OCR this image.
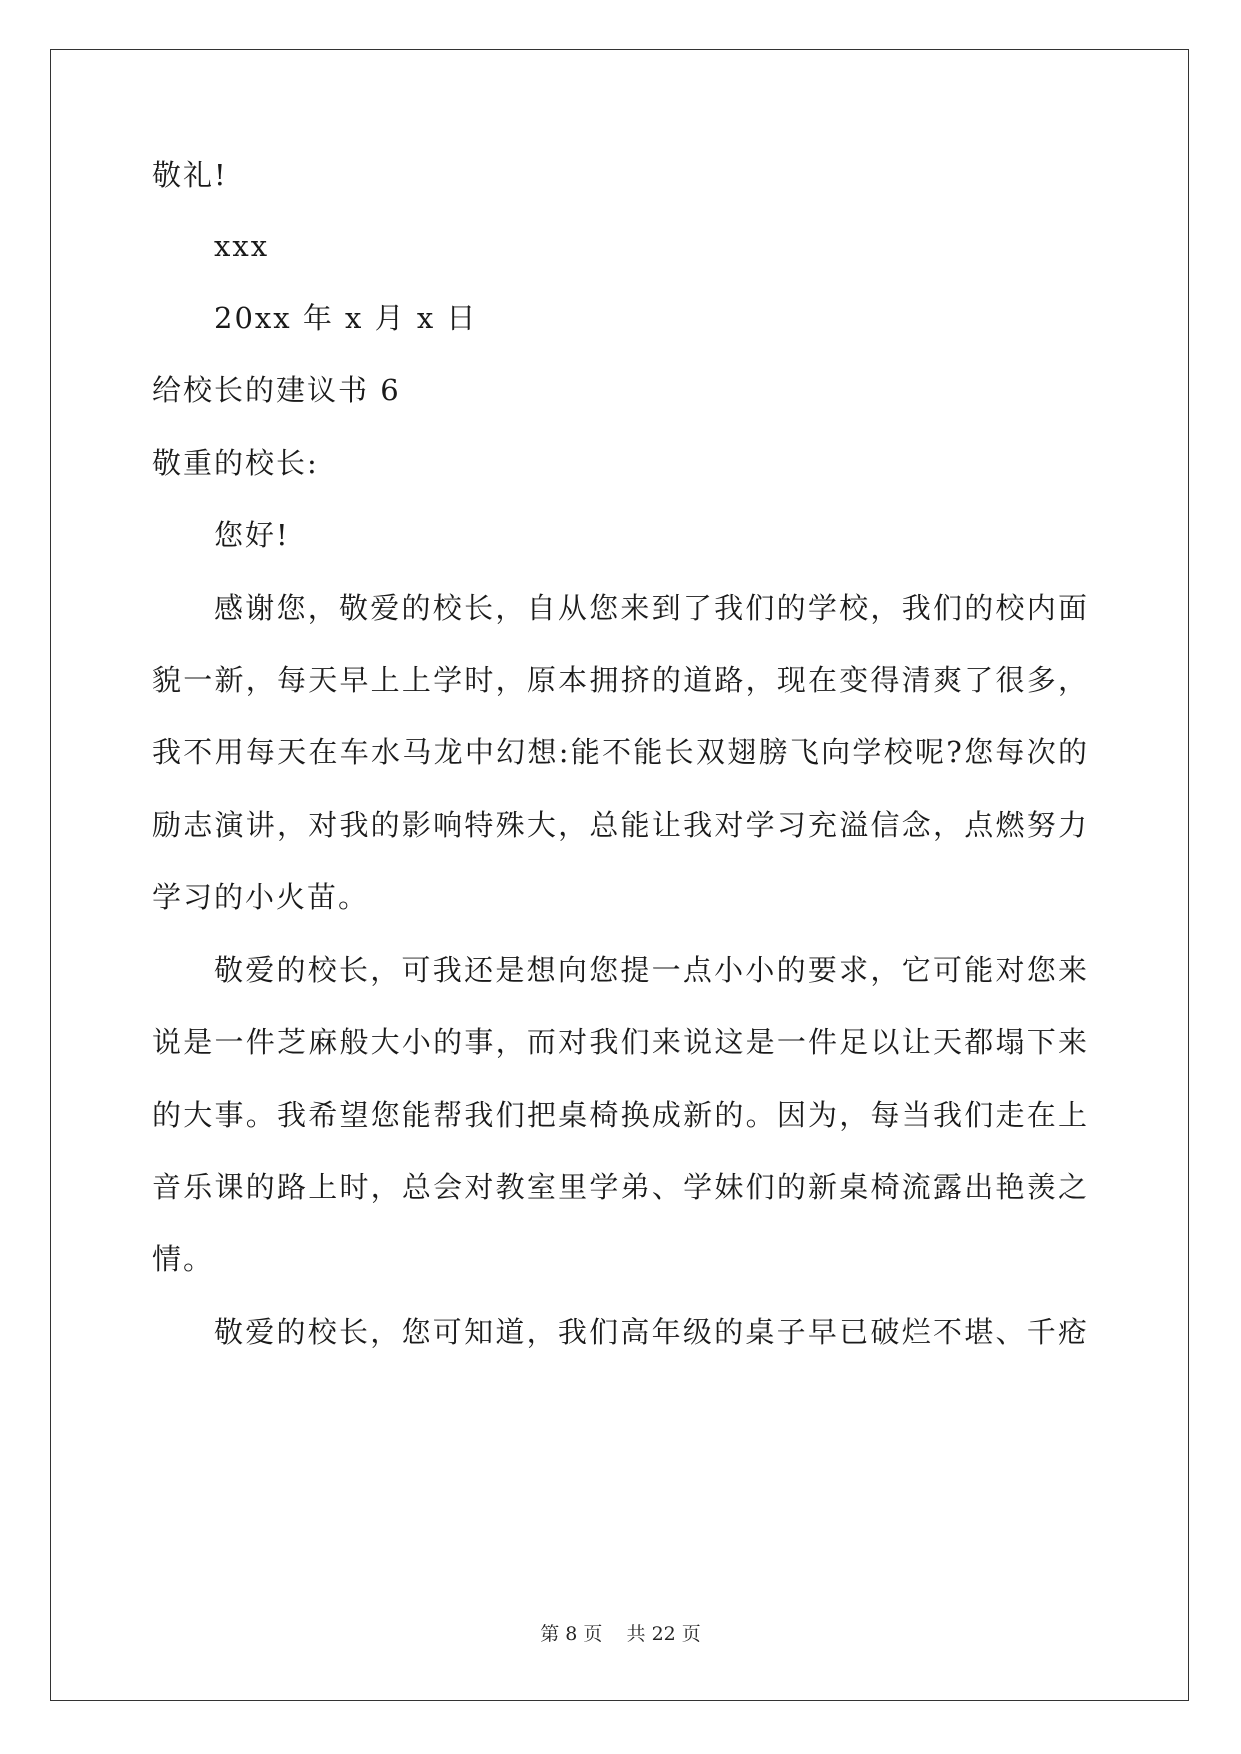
敬礼!
xxx
20xx 年 x 月 x 日
给校长的建议书 6
敬重的校长:
您好!
感谢您，敬爱的校长，自从您来到了我们的学校，我们的校内面
貌一新，每天早上上学时，原本拥挤的道路，现在变得清爽了很多，
我不用每天在车水马龙中幻想:能不能长双翅膀飞向学校呢?您每次的
励志演讲，对我的影响特殊大，总能让我对学习充溢信念，点燃努力
学习的小火苗。
敬爱的校长，可我还是想向您提一点小小的要求，它可能对您来
说是一件芝麻般大小的事，而对我们来说这是一件足以让天都塌下来
的大事。我希望您能帮我们把桌椅换成新的。因为，每当我们走在上
音乐课的路上时，总会对教室里学弟、学妹们的新桌椅流露出艳羡之
情。
敬爱的校长，您可知道，我们高年级的桌子早已破烂不堪、千疮
第 8 页 共 22 页
